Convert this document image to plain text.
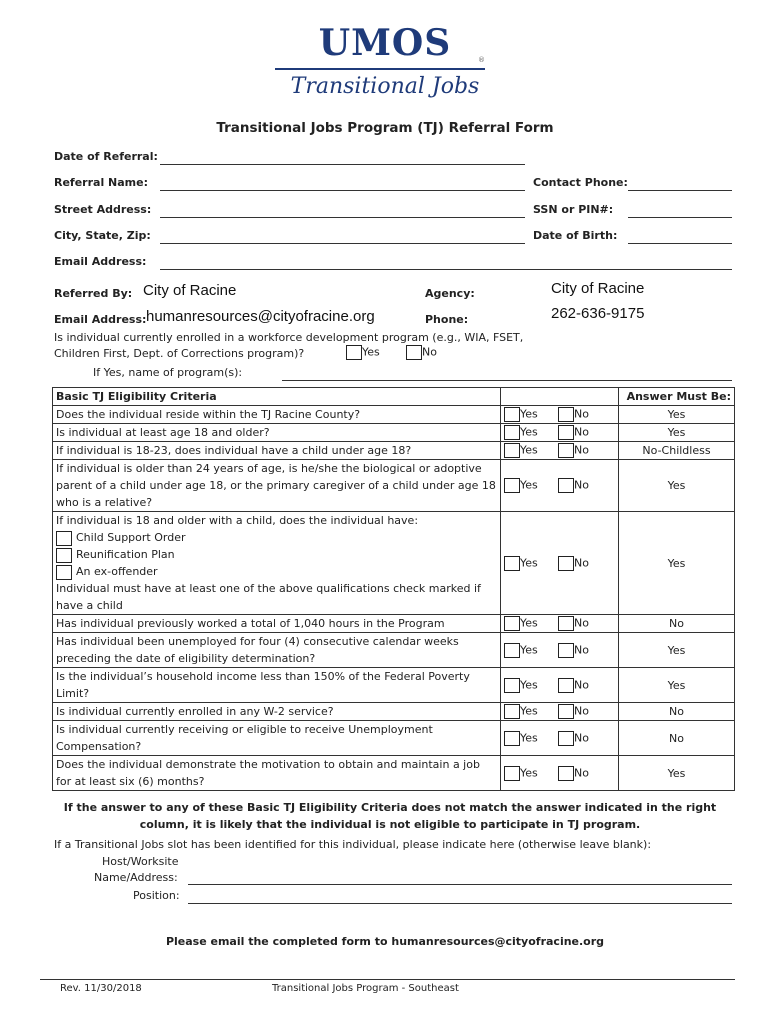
UMOS	®
Transitional Jobs
Transitional Jobs Program (TJ) Referral Form
Date of Referral:
Referral Name:	Contact Phone:
Street Address:	SSN or PIN#:
City, State, Zip:	Date of Birth:
Email Address:
Referred By: City of Racine	Agency:	City of Racine
Email Address: humanresources@cityofracine.org	Phone:	262-636-9175
Is individual currently enrolled in a workforce development program (e.g., WIA, FSET,
Children First, Dept. of Corrections program)?	Yes	No
If Yes, name of program(s):
Basic TJ Eligibility Criteria		Answer Must Be:
Does the individual reside within the TJ Racine County?	Yes No	Yes
Is individual at least age 18 and older?	Yes No	Yes
If individual is 18-23, does individual have a child under age 18?	Yes No	No-Childless
If individual is older than 24 years of age, is he/she the biological or adoptive parent of a child under age 18, or the primary caregiver of a child under age 18 who is a relative?	Yes No	Yes

If individual is 18 and older with a child, does the individual have:
Child Support Order
Reunification Plan
An ex-offender
Individual must have at least one of the above qualifications check marked if have a child	Yes No	Yes
Has individual previously worked a total of 1,040 hours in the Program	Yes No	No
Has individual been unemployed for four (4) consecutive calendar weeks preceding the date of eligibility determination?	Yes No	Yes
Is the individual’s household income less than 150% of the Federal Poverty Limit?	Yes No	Yes
Is individual currently enrolled in any W-2 service?	Yes No	No
Is individual currently receiving or eligible to receive Unemployment Compensation?	Yes No	No
Does the individual demonstrate the motivation to obtain and maintain a job for at least six (6) months?	Yes No	Yes
If the answer to any of these Basic TJ Eligibility Criteria does not match the answer indicated in the right column, it is likely that the individual is not eligible to participate in TJ program.
If a Transitional Jobs slot has been identified for this individual, please indicate here (otherwise leave blank):
Host/Worksite
Name/Address:
Position:
Please email the completed form to humanresources@cityofracine.org
Rev. 11/30/2018	Transitional Jobs Program - Southeast
